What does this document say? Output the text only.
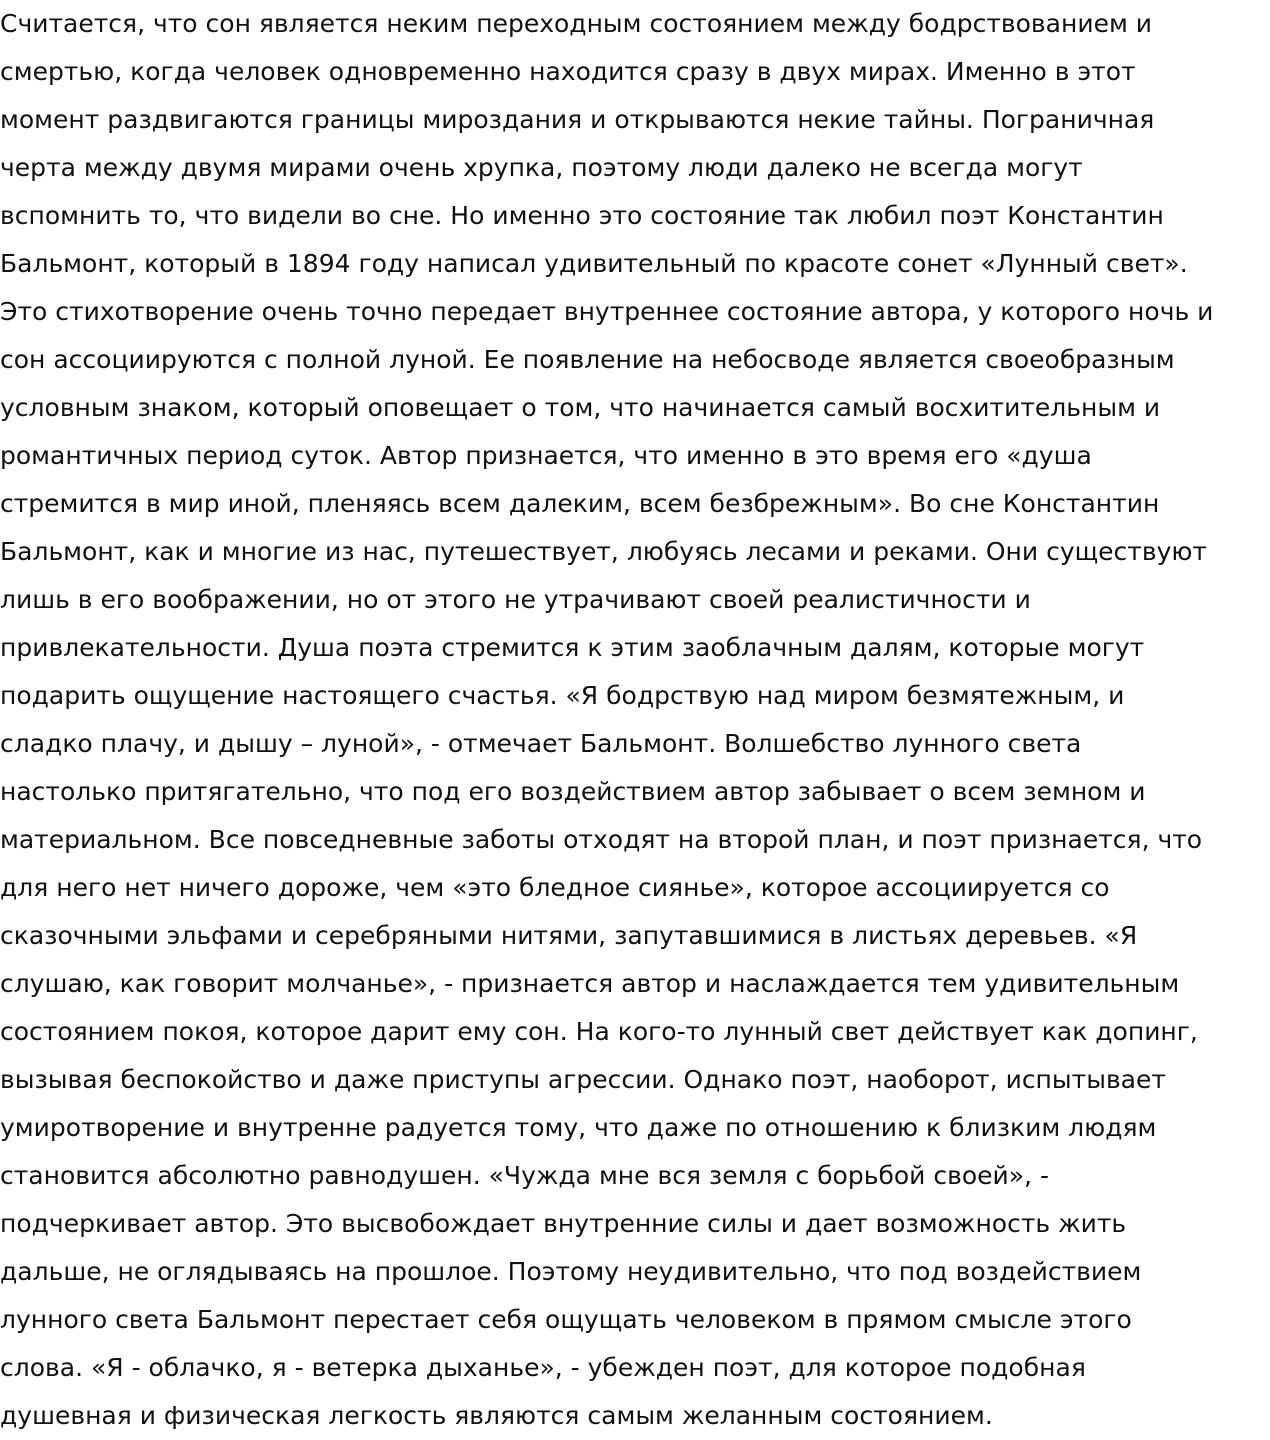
Считается, что сон является неким переходным состоянием между бодрствованием и
смертью, когда человек одновременно находится сразу в двух мирах. Именно в этот
момент раздвигаются границы мироздания и открываются некие тайны. Пограничная
черта между двумя мирами очень хрупка, поэтому люди далеко не всегда могут
вспомнить то, что видели во сне. Но именно это состояние так любил поэт Константин
Бальмонт, который в 1894 году написал удивительный по красоте сонет «Лунный свет».
Это стихотворение очень точно передает внутреннее состояние автора, у которого ночь и
сон ассоциируются с полной луной. Ее появление на небосводе является своеобразным
условным знаком, который оповещает о том, что начинается самый восхитительным и
романтичных период суток. Автор признается, что именно в это время его «душа
стремится в мир иной, пленяясь всем далеким, всем безбрежным». Во сне Константин
Бальмонт, как и многие из нас, путешествует, любуясь лесами и реками. Они существуют
лишь в его воображении, но от этого не утрачивают своей реалистичности и
привлекательности. Душа поэта стремится к этим заоблачным далям, которые могут
подарить ощущение настоящего счастья. «Я бодрствую над миром безмятежным, и
сладко плачу, и дышу – луной», - отмечает Бальмонт. Волшебство лунного света
настолько притягательно, что под его воздействием автор забывает о всем земном и
материальном. Все повседневные заботы отходят на второй план, и поэт признается, что
для него нет ничего дороже, чем «это бледное сиянье», которое ассоциируется со
сказочными эльфами и серебряными нитями, запутавшимися в листьях деревьев. «Я
слушаю, как говорит молчанье», - признается автор и наслаждается тем удивительным
состоянием покоя, которое дарит ему сон. На кого-то лунный свет действует как допинг,
вызывая беспокойство и даже приступы агрессии. Однако поэт, наоборот, испытывает
умиротворение и внутренне радуется тому, что даже по отношению к близким людям
становится абсолютно равнодушен. «Чужда мне вся земля с борьбой своей», -
подчеркивает автор. Это высвобождает внутренние силы и дает возможность жить
дальше, не оглядываясь на прошлое. Поэтому неудивительно, что под воздействием
лунного света Бальмонт перестает себя ощущать человеком в прямом смысле этого
слова. «Я - облачко, я - ветерка дыханье», - убежден поэт, для которое подобная
душевная и физическая легкость являются самым желанным состоянием.
